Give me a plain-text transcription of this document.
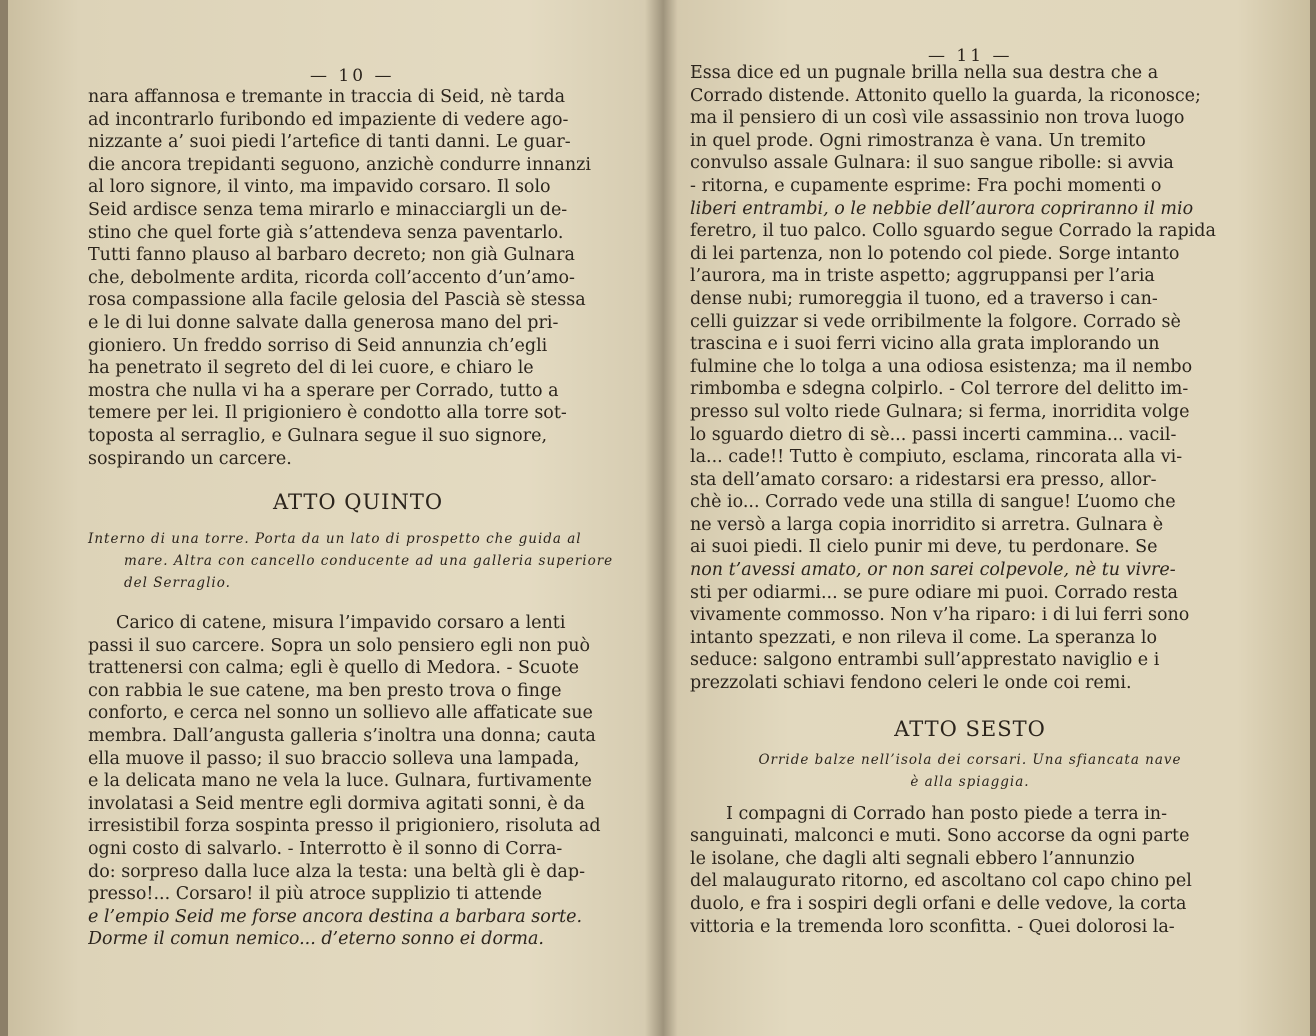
— 10 —
nara affannosa e tremante in traccia di Seid, nè tarda
ad incontrarlo furibondo ed impaziente di vedere ago-
nizzante a’ suoi piedi l’artefice di tanti danni. Le guar-
die ancora trepidanti seguono, anzichè condurre innanzi
al loro signore, il vinto, ma impavido corsaro. Il solo
Seid ardisce senza tema mirarlo e minacciargli un de-
stino che quel forte già s’attendeva senza paventarlo.
Tutti fanno plauso al barbaro decreto; non già Gulnara
che, debolmente ardita, ricorda coll’accento d’un’amo-
rosa compassione alla facile gelosia del Pascià sè stessa
e le di lui donne salvate dalla generosa mano del pri-
gioniero. Un freddo sorriso di Seid annunzia ch’egli
ha penetrato il segreto del di lei cuore, e chiaro le
mostra che nulla vi ha a sperare per Corrado, tutto a
temere per lei. Il prigioniero è condotto alla torre sot-
toposta al serraglio, e Gulnara segue il suo signore,
sospirando un carcere.
ATTO QUINTO
Interno di una torre. Porta da un lato di prospetto che guida al
mare. Altra con cancello conducente ad una galleria superiore
del Serraglio.
Carico di catene, misura l’impavido corsaro a lenti
passi il suo carcere. Sopra un solo pensiero egli non può
trattenersi con calma; egli è quello di Medora. - Scuote
con rabbia le sue catene, ma ben presto trova o finge
conforto, e cerca nel sonno un sollievo alle affaticate sue
membra. Dall’angusta galleria s’inoltra una donna; cauta
ella muove il passo; il suo braccio solleva una lampada,
e la delicata mano ne vela la luce. Gulnara, furtivamente
involatasi a Seid mentre egli dormiva agitati sonni, è da
irresistibil forza sospinta presso il prigioniero, risoluta ad
ogni costo di salvarlo. - Interrotto è il sonno di Corra-
do: sorpreso dalla luce alza la testa: una beltà gli è dap-
presso!... Corsaro! il più atroce supplizio ti attende
e l’empio Seid me forse ancora destina a barbara sorte.
Dorme il comun nemico... d’eterno sonno ei dorma.
— 11 —
Essa dice ed un pugnale brilla nella sua destra che a
Corrado distende. Attonito quello la guarda, la riconosce;
ma il pensiero di un così vile assassinio non trova luogo
in quel prode. Ogni rimostranza è vana. Un tremito
convulso assale Gulnara: il suo sangue ribolle: si avvia
- ritorna, e cupamente esprime: Fra pochi momenti o
liberi entrambi, o le nebbie dell’aurora copriranno il mio
feretro, il tuo palco. Collo sguardo segue Corrado la rapida
di lei partenza, non lo potendo col piede. Sorge intanto
l’aurora, ma in triste aspetto; aggruppansi per l’aria
dense nubi; rumoreggia il tuono, ed a traverso i can-
celli guizzar si vede orribilmente la folgore. Corrado sè
trascina e i suoi ferri vicino alla grata implorando un
fulmine che lo tolga a una odiosa esistenza; ma il nembo
rimbomba e sdegna colpirlo. - Col terrore del delitto im-
presso sul volto riede Gulnara; si ferma, inorridita volge
lo sguardo dietro di sè... passi incerti cammina... vacil-
la... cade!! Tutto è compiuto, esclama, rincorata alla vi-
sta dell’amato corsaro: a ridestarsi era presso, allor-
chè io... Corrado vede una stilla di sangue! L’uomo che
ne versò a larga copia inorridito si arretra. Gulnara è
ai suoi piedi. Il cielo punir mi deve, tu perdonare. Se
non t’avessi amato, or non sarei colpevole, nè tu vivre-
sti per odiarmi... se pure odiare mi puoi. Corrado resta
vivamente commosso. Non v’ha riparo: i di lui ferri sono
intanto spezzati, e non rileva il come. La speranza lo
seduce: salgono entrambi sull’apprestato naviglio e i
prezzolati schiavi fendono celeri le onde coi remi.
ATTO SESTO
Orride balze nell’isola dei corsari. Una sfiancata nave
è alla spiaggia.
I compagni di Corrado han posto piede a terra in-
sanguinati, malconci e muti. Sono accorse da ogni parte
le isolane, che dagli alti segnali ebbero l’annunzio
del malaugurato ritorno, ed ascoltano col capo chino pel
duolo, e fra i sospiri degli orfani e delle vedove, la corta
vittoria e la tremenda loro sconfitta. - Quei dolorosi la-
